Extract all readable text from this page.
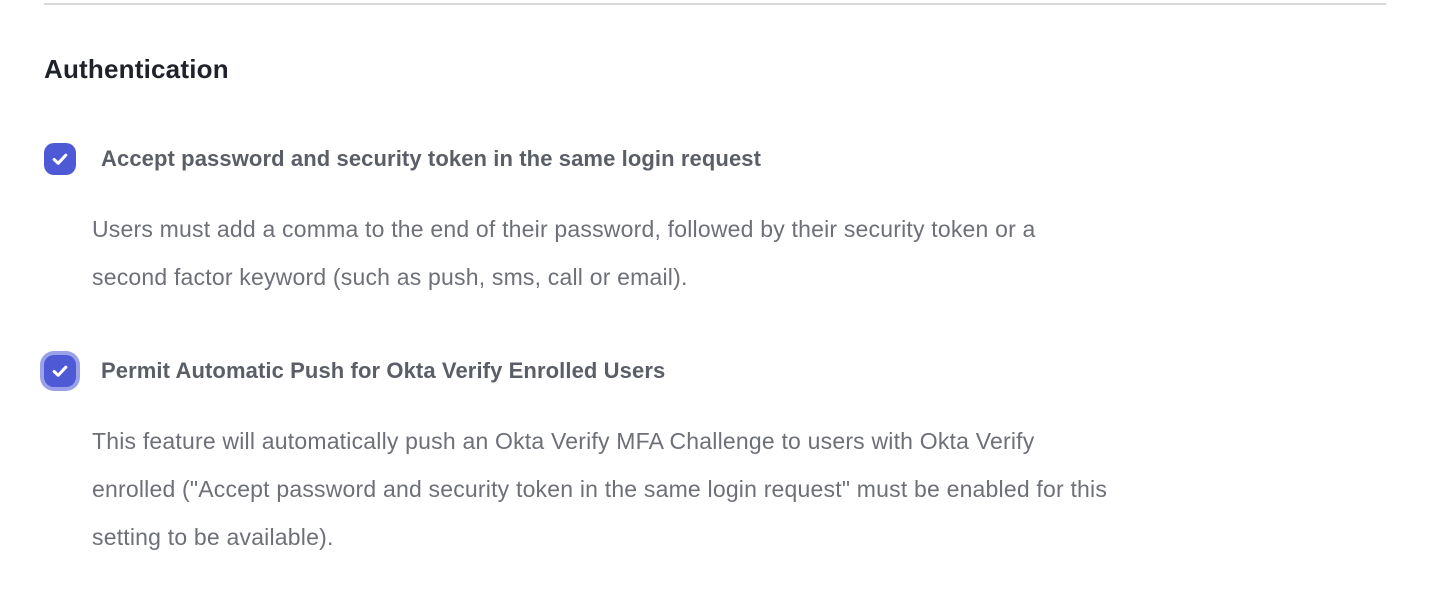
Authentication
Accept password and security token in the same login request

Users must add a comma to the end of their password, followed by their security token or a second factor keyword (such as push, sms, call or email).

Permit Automatic Push for Okta Verify Enrolled Users

This feature will automatically push an Okta Verify MFA Challenge to users with Okta Verify enrolled ("Accept password and security token in the same login request" must be enabled for this setting to be available).
